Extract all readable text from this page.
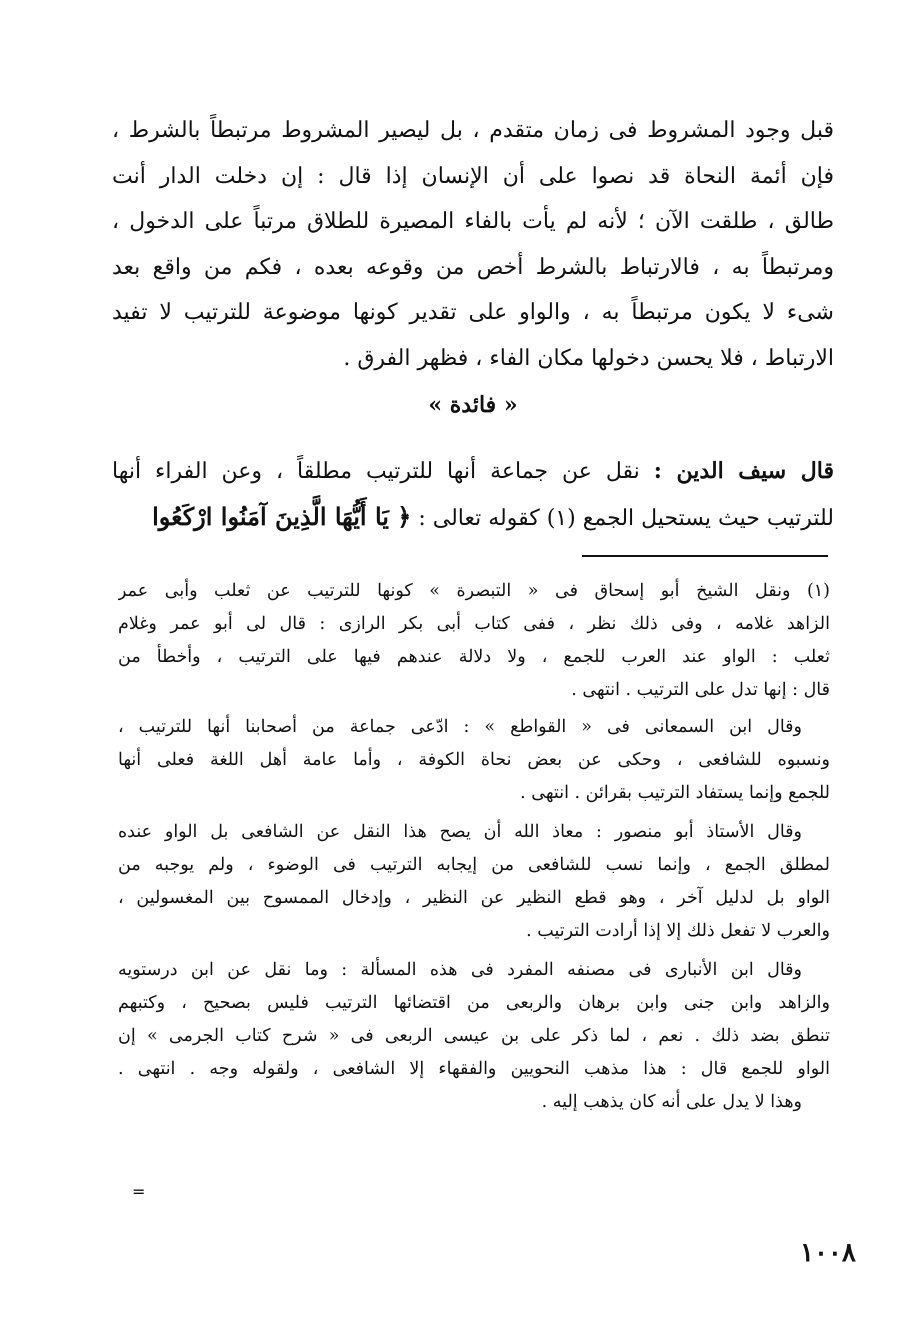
قبل وجود المشروط فى زمان متقدم ، بل ليصير المشروط مرتبطاً بالشرط ،
فإن أئمة النحاة قد نصوا على أن الإنسان إذا قال : إن دخلت الدار أنت
طالق ، طلقت الآن ؛ لأنه لم يأت بالفاء المصيرة للطلاق مرتباً على الدخول ،
ومرتبطاً به ، فالارتباط بالشرط أخص من وقوعه بعده ، فكم من واقع بعد
شىء لا يكون مرتبطاً به ، والواو على تقدير كونها موضوعة للترتيب لا تفيد
الارتباط ، فلا يحسن دخولها مكان الفاء ، فظهر الفرق .
« فائدة »
قال سيف الدين : نقل عن جماعة أنها للترتيب مطلقاً ، وعن الفراء أنها
للترتيب حيث يستحيل الجمع (١) كقوله تعالى : ﴿ يَا أَيُّهَا الَّذِينَ آمَنُوا ارْكَعُوا
(١) ونقل الشيخ أبو إسحاق فى « التبصرة » كونها للترتيب عن ثعلب وأبى عمر
الزاهد غلامه ، وفى ذلك نظر ، ففى كتاب أبى بكر الرازى : قال لى أبو عمر وغلام
ثعلب : الواو عند العرب للجمع ، ولا دلالة عندهم فيها على الترتيب ، وأخطأ من
قال : إنها تدل على الترتيب . انتهى .
وقال ابن السمعانى فى « القواطع » : ادّعى جماعة من أصحابنا أنها للترتيب ،
ونسبوه للشافعى ، وحكى عن بعض نحاة الكوفة ، وأما عامة أهل اللغة فعلى أنها
للجمع وإنما يستفاد الترتيب بقرائن . انتهى .
وقال الأستاذ أبو منصور : معاذ الله أن يصح هذا النقل عن الشافعى بل الواو عنده
لمطلق الجمع ، وإنما نسب للشافعى من إيجابه الترتيب فى الوضوء ، ولم يوجبه من
الواو بل لدليل آخر ، وهو قطع النظير عن النظير ، وإدخال الممسوح بين المغسولين ،
والعرب لا تفعل ذلك إلا إذا أرادت الترتيب .
وقال ابن الأنبارى فى مصنفه المفرد فى هذه المسألة : وما نقل عن ابن درستويه
والزاهد وابن جنى وابن برهان والربعى من اقتضائها الترتيب فليس بصحيح ، وكتبهم
تنطق بضد ذلك . نعم ، لما ذكر على بن عيسى الربعى فى « شرح كتاب الجرمى » إن
الواو للجمع قال : هذا مذهب النحويين والفقهاء إلا الشافعى ، ولقوله وجه . انتهى .
وهذا لا يدل على أنه كان يذهب إليه .
=
١٠٠٨
